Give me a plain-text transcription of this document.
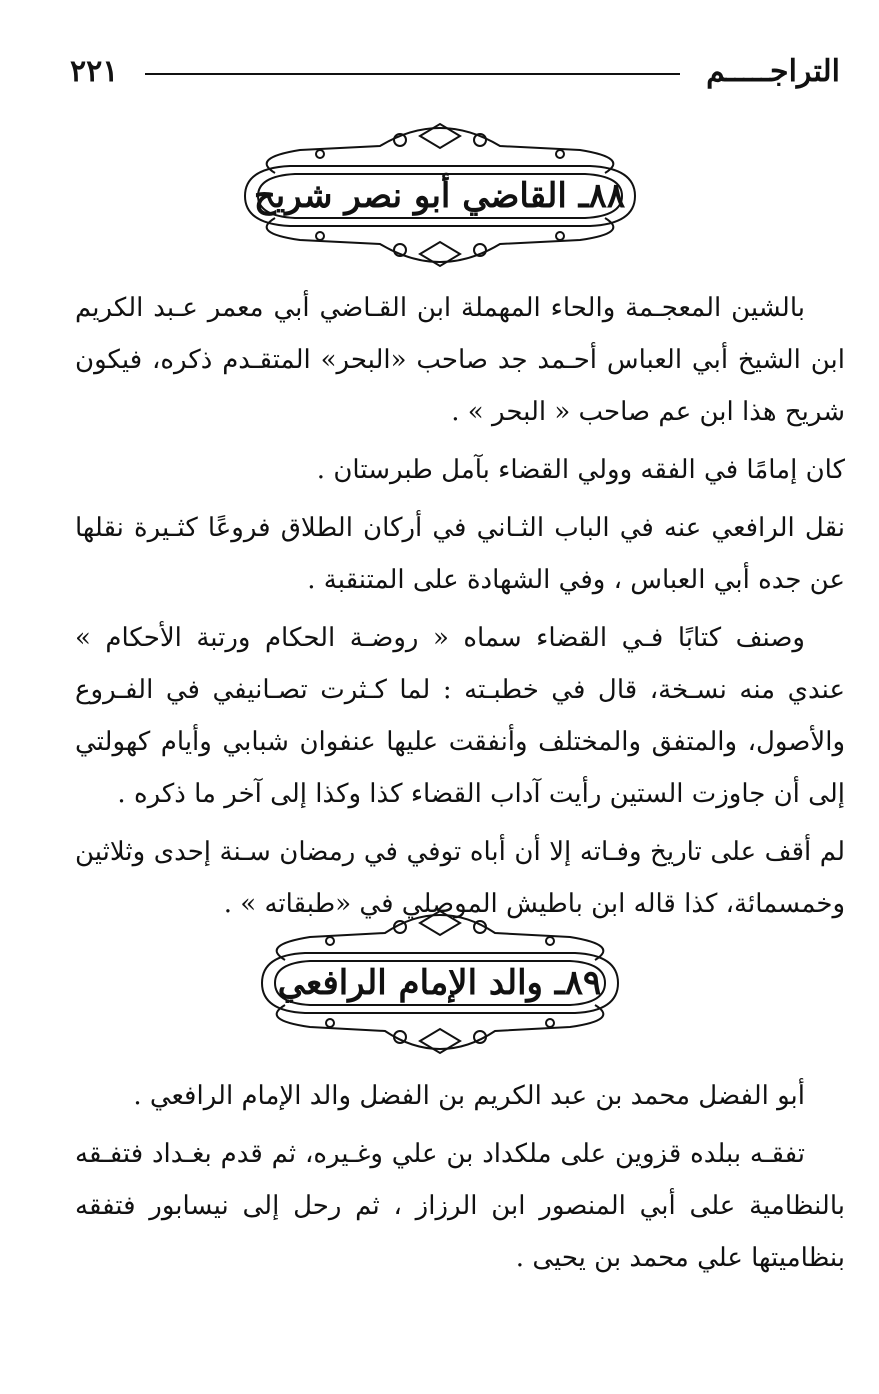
التراجـــــم
٢٢١
٨٨ـ القاضي أبو نصر شريح

بالشين المعجـمة والحاء المهملة ابن القـاضي أبي معمر عـبد الكريم ابن الشيخ أبي العباس أحـمد جد صاحب «البحر» المتقـدم ذكره، فيكون شريح هذا ابن عم صاحب « البحر » .

كان إمامًا في الفقه وولي القضاء بآمل طبرستان .

نقل الرافعي عنه في الباب الثـاني في أركان الطلاق فروعًا كثـيرة نقلها عن جده أبي العباس ، وفي الشهادة على المتنقبة .

وصنف كتابًا فـي القضاء سماه « روضـة الحكام ورتبة الأحكام » عندي منه نسـخة، قال في خطبـته : لما كـثرت تصـانيفي في الفـروع والأصول، والمتفق والمختلف وأنفقت عليها عنفوان شبابي وأيام كهولتي إلى أن جاوزت الستين رأيت آداب القضاء كذا وكذا إلى آخر ما ذكره .

لم أقف على تاريخ وفـاته إلا أن أباه توفي في رمضان سـنة إحدى وثلاثين وخمسمائة، كذا قاله ابن باطيش الموصلي في «طبقاته » .

٨٩ـ والد الإمام الرافعي

أبو الفضل محمد بن عبد الكريم بن الفضل والد الإمام الرافعي .

تفقـه ببلده قزوين على ملكداد بن علي وغـيره، ثم قدم بغـداد فتفـقه بالنظامية على أبي المنصور ابن الرزاز ، ثم رحل إلى نيسابور فتفقه بنظاميتها علي محمد بن يحيى .
